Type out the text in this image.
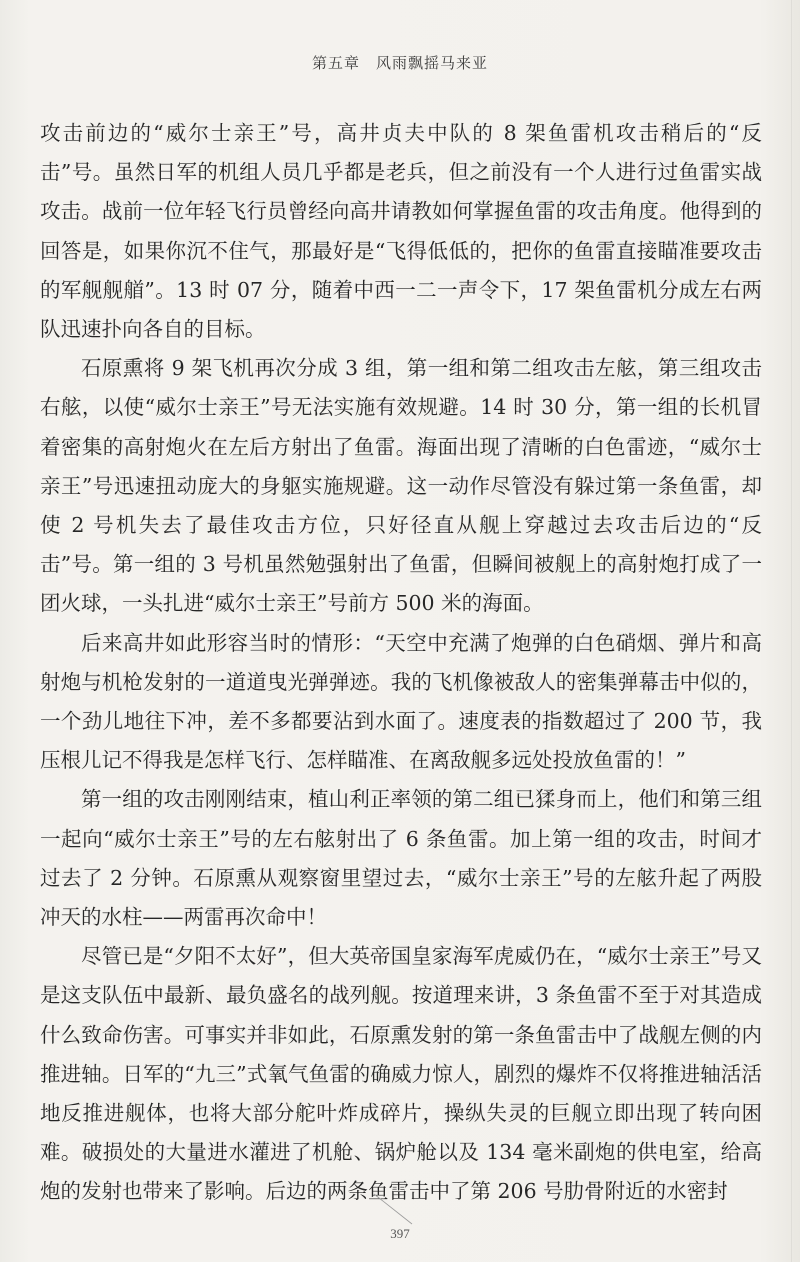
第五章　风雨飘摇马来亚

攻击前边的“威尔士亲王”号，高井贞夫中队的 8 架鱼雷机攻击稍后的“反击”号。虽然日军的机组人员几乎都是老兵，但之前没有一个人进行过鱼雷实战攻击。战前一位年轻飞行员曾经向高井请教如何掌握鱼雷的攻击角度。他得到的回答是，如果你沉不住气，那最好是“飞得低低的，把你的鱼雷直接瞄准要攻击的军舰舰艏”。13 时 07 分，随着中西一二一声令下，17 架鱼雷机分成左右两队迅速扑向各自的目标。

石原熏将 9 架飞机再次分成 3 组，第一组和第二组攻击左舷，第三组攻击右舷，以使“威尔士亲王”号无法实施有效规避。14 时 30 分，第一组的长机冒着密集的高射炮火在左后方射出了鱼雷。海面出现了清晰的白色雷迹，“威尔士亲王”号迅速扭动庞大的身躯实施规避。这一动作尽管没有躲过第一条鱼雷，却使 2 号机失去了最佳攻击方位，只好径直从舰上穿越过去攻击后边的“反击”号。第一组的 3 号机虽然勉强射出了鱼雷，但瞬间被舰上的高射炮打成了一团火球，一头扎进“威尔士亲王”号前方 500 米的海面。

后来高井如此形容当时的情形：“天空中充满了炮弹的白色硝烟、弹片和高射炮与机枪发射的一道道曳光弹弹迹。我的飞机像被敌人的密集弹幕击中似的，一个劲儿地往下冲，差不多都要沾到水面了。速度表的指数超过了 200 节，我压根儿记不得我是怎样飞行、怎样瞄准、在离敌舰多远处投放鱼雷的！”

第一组的攻击刚刚结束，植山利正率领的第二组已猱身而上，他们和第三组一起向“威尔士亲王”号的左右舷射出了 6 条鱼雷。加上第一组的攻击，时间才过去了 2 分钟。石原熏从观察窗里望过去，“威尔士亲王”号的左舷升起了两股冲天的水柱——两雷再次命中！

尽管已是“夕阳不太好”，但大英帝国皇家海军虎威仍在，“威尔士亲王”号又是这支队伍中最新、最负盛名的战列舰。按道理来讲，3 条鱼雷不至于对其造成什么致命伤害。可事实并非如此，石原熏发射的第一条鱼雷击中了战舰左侧的内推进轴。日军的“九三”式氧气鱼雷的确威力惊人，剧烈的爆炸不仅将推进轴活活地反推进舰体，也将大部分舵叶炸成碎片，操纵失灵的巨舰立即出现了转向困难。破损处的大量进水灌进了机舱、锅炉舱以及 134 毫米副炮的供电室，给高炮的发射也带来了影响。后边的两条鱼雷击中了第 206 号肋骨附近的水密封

397
